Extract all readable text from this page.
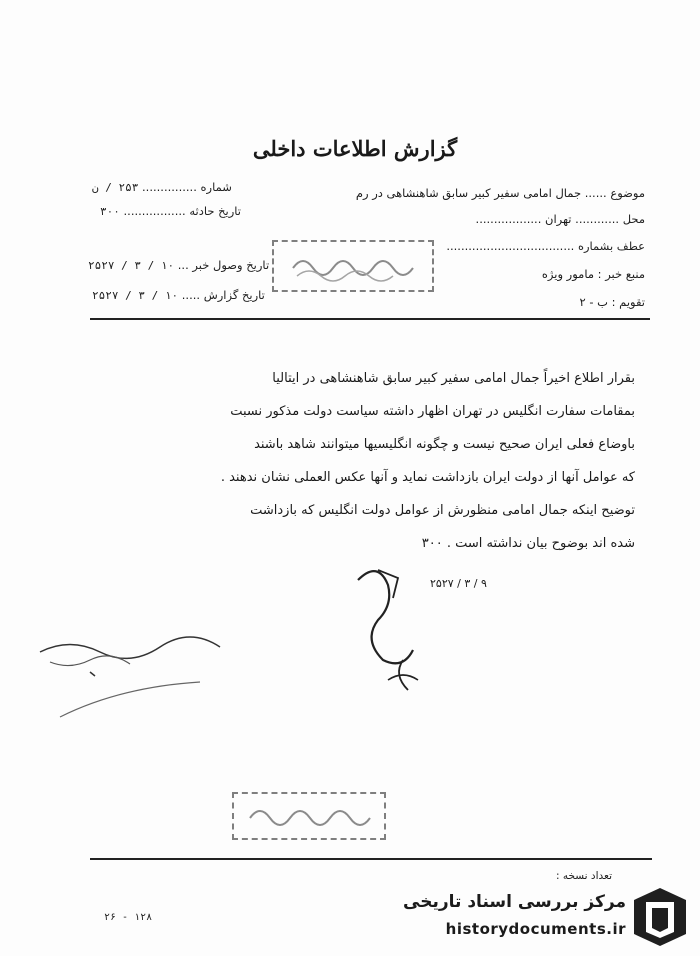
گزارش اطلاعات داخلی
موضوع ...... جمال امامی سفیر کبیر سابق شاهنشاهی در رم
محل ............ تهران ..................
عطف بشماره ...................................
منبع خبر : مامور ویژه
تقویم : ب - ۲
شماره ............... ۲۵۳ / ن
تاریخ حادثه ................. ۳۰۰
تاریخ وصول خبر ... ۱۰ / ۳ / ۲۵۲۷
تاریخ گزارش ..... ۱۰ / ۳ / ۲۵۲۷
بقرار اطلاع اخیراً جمال امامی سفیر کبیر سابق شاهنشاهی در ایتالیا
بمقامات سفارت انگلیس در تهران اظهار داشته سیاست دولت مذکور نسبت
باوضاع فعلی ایران صحیح نیست و چگونه انگلیسیها میتوانند شاهد باشند
که عوامل آنها از دولت ایران بازداشت نماید و آنها عکس العملی نشان ندهند .
توضیح اینکه جمال امامی منظورش از عوامل دولت انگلیس که بازداشت
شده اند بوضوح بیان نداشته است . ۳۰۰
۹ / ۳ / ۲۵۲۷
تعداد نسخه :
۲۶ - ۱۲۸
مرکز بررسی اسناد تاریخی
historydocuments.ir
